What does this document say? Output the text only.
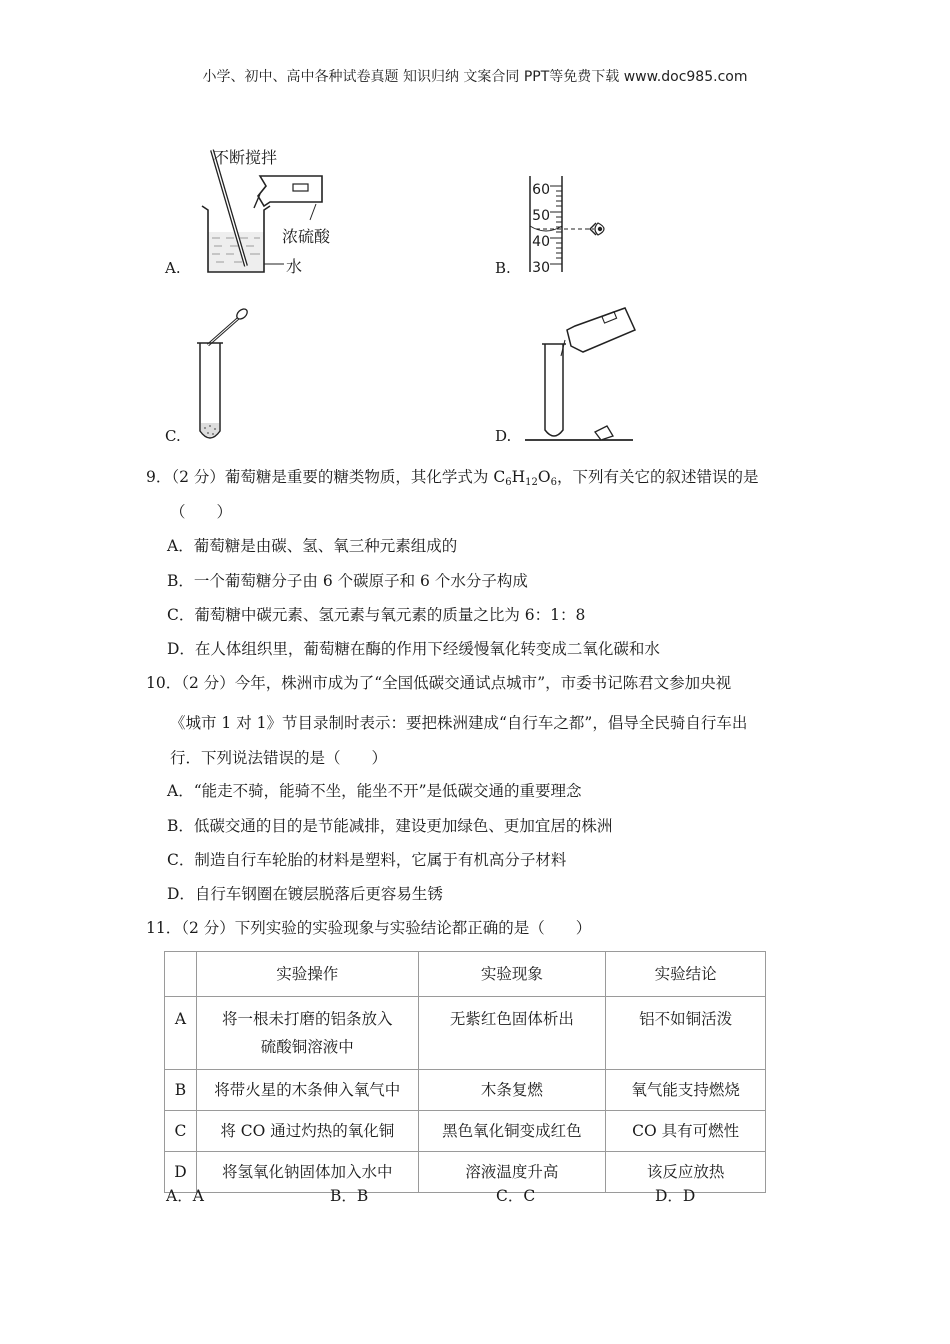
小学、初中、高中各种试卷真题 知识归纳 文案合同 PPT等免费下载 www.doc985.com
不断搅拌
浓硫酸
水
A.
60
50
40
30
B.
C.	D.
9．（2 分）葡萄糖是重要的糖类物质，其化学式为 $C_6H_{12}O_6$，下列有关它的叙述错误的是
（　　）
A．葡萄糖是由碳、氢、氧三种元素组成的
B．一个葡萄糖分子由 6 个碳原子和 6 个水分子构成
C．葡萄糖中碳元素、氢元素与氧元素的质量之比为 6：1：8
D．在人体组织里，葡萄糖在酶的作用下经缓慢氧化转变成二氧化碳和水
10．（2 分）今年，株洲市成为了“全国低碳交通试点城市”，市委书记陈君文参加央视
《城市 1 对 1》节目录制时表示：要把株洲建成“自行车之都”，倡导全民骑自行车出
行．下列说法错误的是（　　）
A．“能走不骑，能骑不坐，能坐不开”是低碳交通的重要理念
B．低碳交通的目的是节能减排，建设更加绿色、更加宜居的株洲
C．制造自行车轮胎的材料是塑料，它属于有机高分子材料
D．自行车钢圈在镀层脱落后更容易生锈
11．（2 分）下列实验的实验现象与实验结论都正确的是（　　）
	实验操作	实验现象	实验结论
A	将一根未打磨的铝条放入
硫酸铜溶液中	无紫红色固体析出	铝不如铜活泼
B	将带火星的木条伸入氧气中	木条复燃	氧气能支持燃烧
C	将 CO 通过灼热的氧化铜	黑色氧化铜变成红色	CO 具有可燃性
D	将氢氧化钠固体加入水中	溶液温度升高	该反应放热
A．A	B．B	C．C	D．D
